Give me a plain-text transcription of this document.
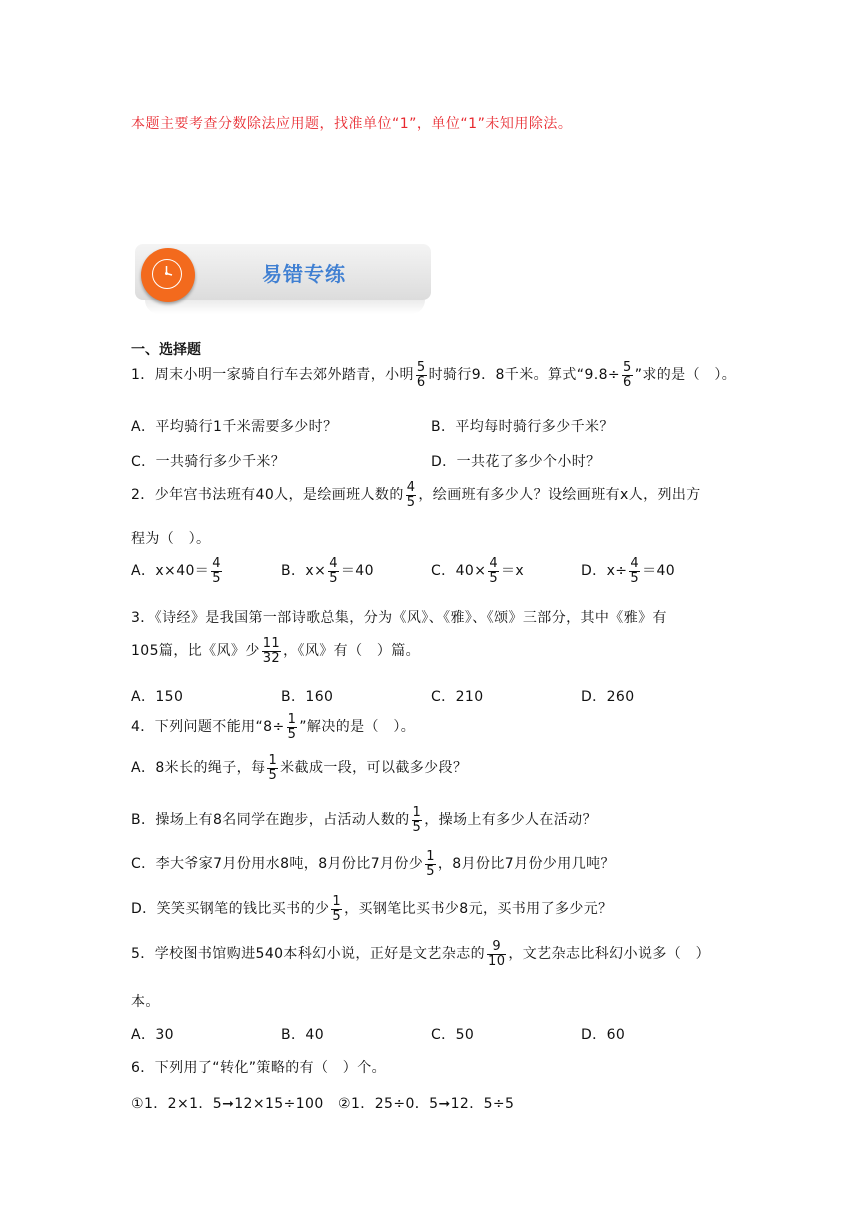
本题主要考查分数除法应用题，找准单位“1”，单位“1”未知用除法。
易错专练
一、选择题
1．周末小明一家骑自行车去郊外踏青，小明 $\frac{5}{6}$ 时骑行9．8千米。算式“$9.8\div \frac{5}{6}$ ”求的是（　）。
A．平均骑行1千米需要多少时？	B．平均每时骑行多少千米？
C．一共骑行多少千米？	D．一共花了多少个小时？
2．少年宫书法班有40人，是绘画班人数的 $\frac{4}{5}$ ，绘画班有多少人？设绘画班有x人，列出方
程为（　）。
A．$x\times 40= \frac{4}{5}$	B．$x\times \frac{4}{5} =40$	C．$40\times \frac{4}{5} =x$	D．$x\div \frac{4}{5} =40$
3．《诗经》是我国第一部诗歌总集，分为《风》、《雅》、《颂》三部分，其中《雅》有
105篇，比《风》少 $\frac{11}{32}$ ，《风》有（　）篇。
A．150	B．160	C．210	D．260
4．下列问题不能用“$8\div \frac{1}{5}$ ”解决的是（　）。
A．8米长的绳子，每 $\frac{1}{5}$ 米截成一段，可以截多少段？
B．操场上有8名同学在跑步，占活动人数的 $\frac{1}{5}$ ，操场上有多少人在活动？
C．李大爷家7月份用水8吨，8月份比7月份少 $\frac{1}{5}$ ，8月份比7月份少用几吨？
D．笑笑买钢笔的钱比买书的少 $\frac{1}{5}$ ，买钢笔比买书少8元，买书用了多少元？
5．学校图书馆购进540本科幻小说，正好是文艺杂志的 $\frac{9}{10}$ ，文艺杂志比科幻小说多（　）
本。
A．30	B．40	C．50	D．60
6．下列用了“转化”策略的有（　）个。
①1．2×1．5➞12×15÷100　②1．25÷0．5➞12．5÷5
